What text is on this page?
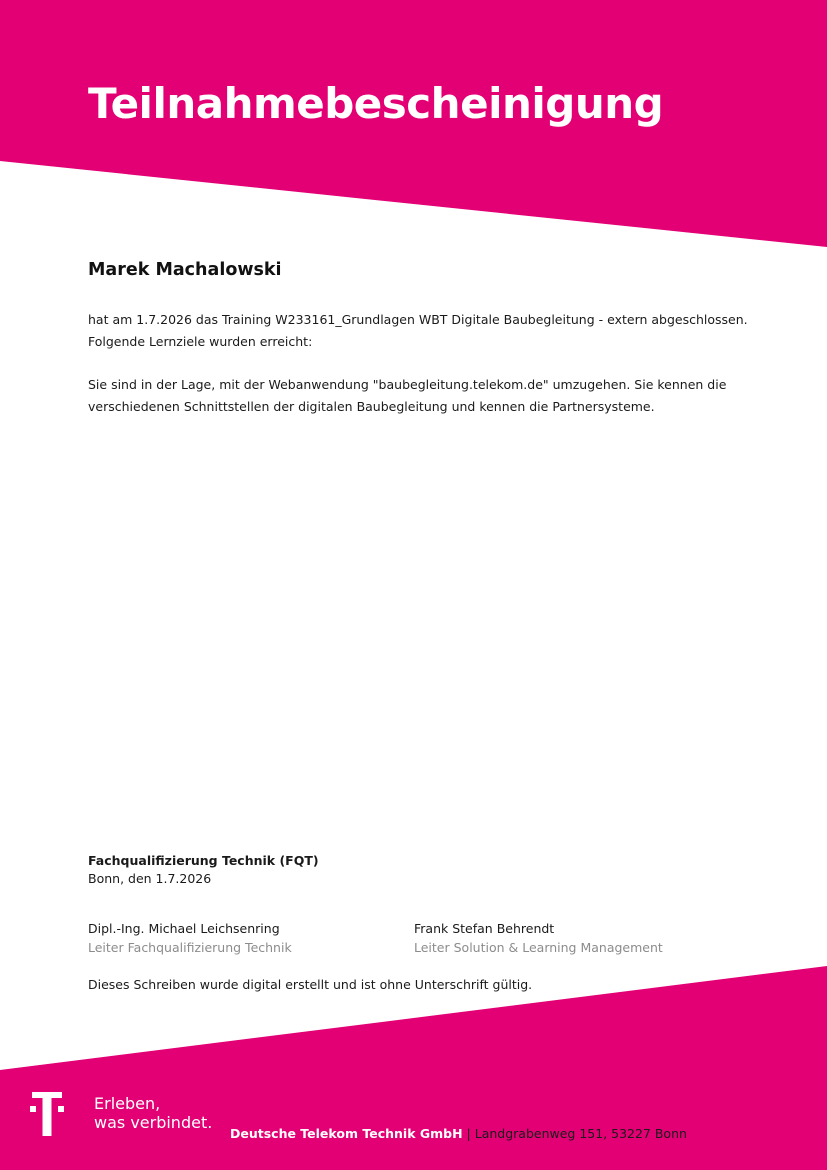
Teilnahmebescheinigung
Marek Machalowski
hat am 1.7.2026 das Training W233161_Grundlagen WBT Digitale Baubegleitung - extern abgeschlossen.
Folgende Lernziele wurden erreicht:
Sie sind in der Lage, mit der Webanwendung "baubegleitung.telekom.de" umzugehen. Sie kennen die
verschiedenen Schnittstellen der digitalen Baubegleitung und kennen die Partnersysteme.
Fachqualifizierung Technik (FQT)
Bonn, den 1.7.2026
Dipl.-Ing. Michael Leichsenring
Leiter Fachqualifizierung Technik
Frank Stefan Behrendt
Leiter Solution & Learning Management
Dieses Schreiben wurde digital erstellt und ist ohne Unterschrift gültig.
Erleben,
was verbindet.
Deutsche Telekom Technik GmbH | Landgrabenweg 151, 53227 Bonn
